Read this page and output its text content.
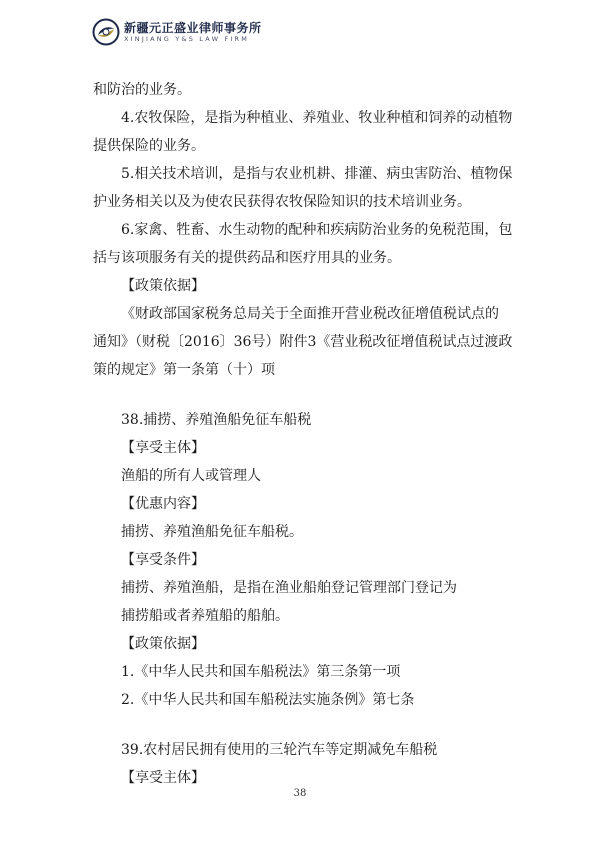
新疆元正盛业律师事务所
XINJIANG Y&S LAW FIRM
和防治的业务。
4.农牧保险，是指为种植业、养殖业、牧业种植和饲养的动植物
提供保险的业务。
5.相关技术培训，是指与农业机耕、排灌、病虫害防治、植物保
护业务相关以及为使农民获得农牧保险知识的技术培训业务。
6.家禽、牲畜、水生动物的配种和疾病防治业务的免税范围，包
括与该项服务有关的提供药品和医疗用具的业务。
【政策依据】
《财政部国家税务总局关于全面推开营业税改征增值税试点的
通知》（财税〔2016〕36号）附件3《营业税改征增值税试点过渡政
策的规定》第一条第（十）项
38.捕捞、养殖渔船免征车船税
【享受主体】
渔船的所有人或管理人
【优惠内容】
捕捞、养殖渔船免征车船税。
【享受条件】
捕捞、养殖渔船，是指在渔业船舶登记管理部门登记为
捕捞船或者养殖船的船舶。
【政策依据】
1.《中华人民共和国车船税法》第三条第一项
2.《中华人民共和国车船税法实施条例》第七条
39.农村居民拥有使用的三轮汽车等定期减免车船税
【享受主体】
38
